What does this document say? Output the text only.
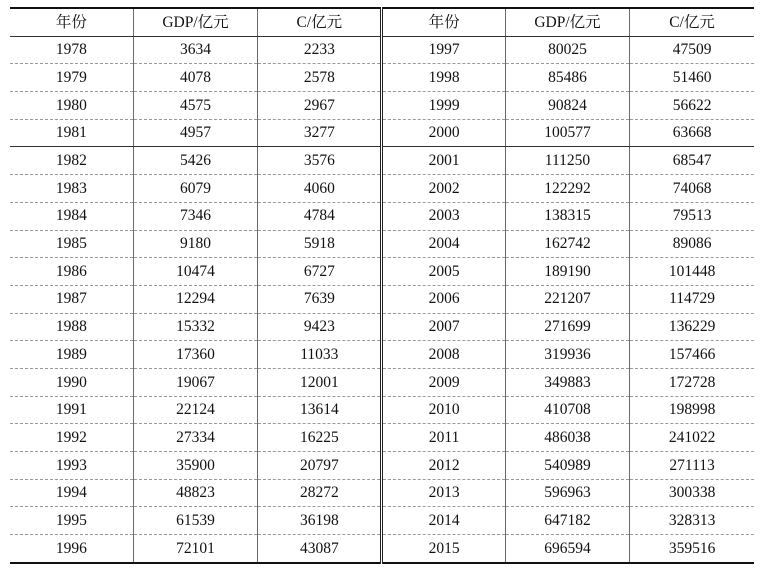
年份	GDP/亿元	C/亿元	年份	GDP/亿元	C/亿元
1978	3634	2233	1997	80025	47509
1979	4078	2578	1998	85486	51460
1980	4575	2967	1999	90824	56622
1981	4957	3277	2000	100577	63668
1982	5426	3576	2001	111250	68547
1983	6079	4060	2002	122292	74068
1984	7346	4784	2003	138315	79513
1985	9180	5918	2004	162742	89086
1986	10474	6727	2005	189190	101448
1987	12294	7639	2006	221207	114729
1988	15332	9423	2007	271699	136229
1989	17360	11033	2008	319936	157466
1990	19067	12001	2009	349883	172728
1991	22124	13614	2010	410708	198998
1992	27334	16225	2011	486038	241022
1993	35900	20797	2012	540989	271113
1994	48823	28272	2013	596963	300338
1995	61539	36198	2014	647182	328313
1996	72101	43087	2015	696594	359516
